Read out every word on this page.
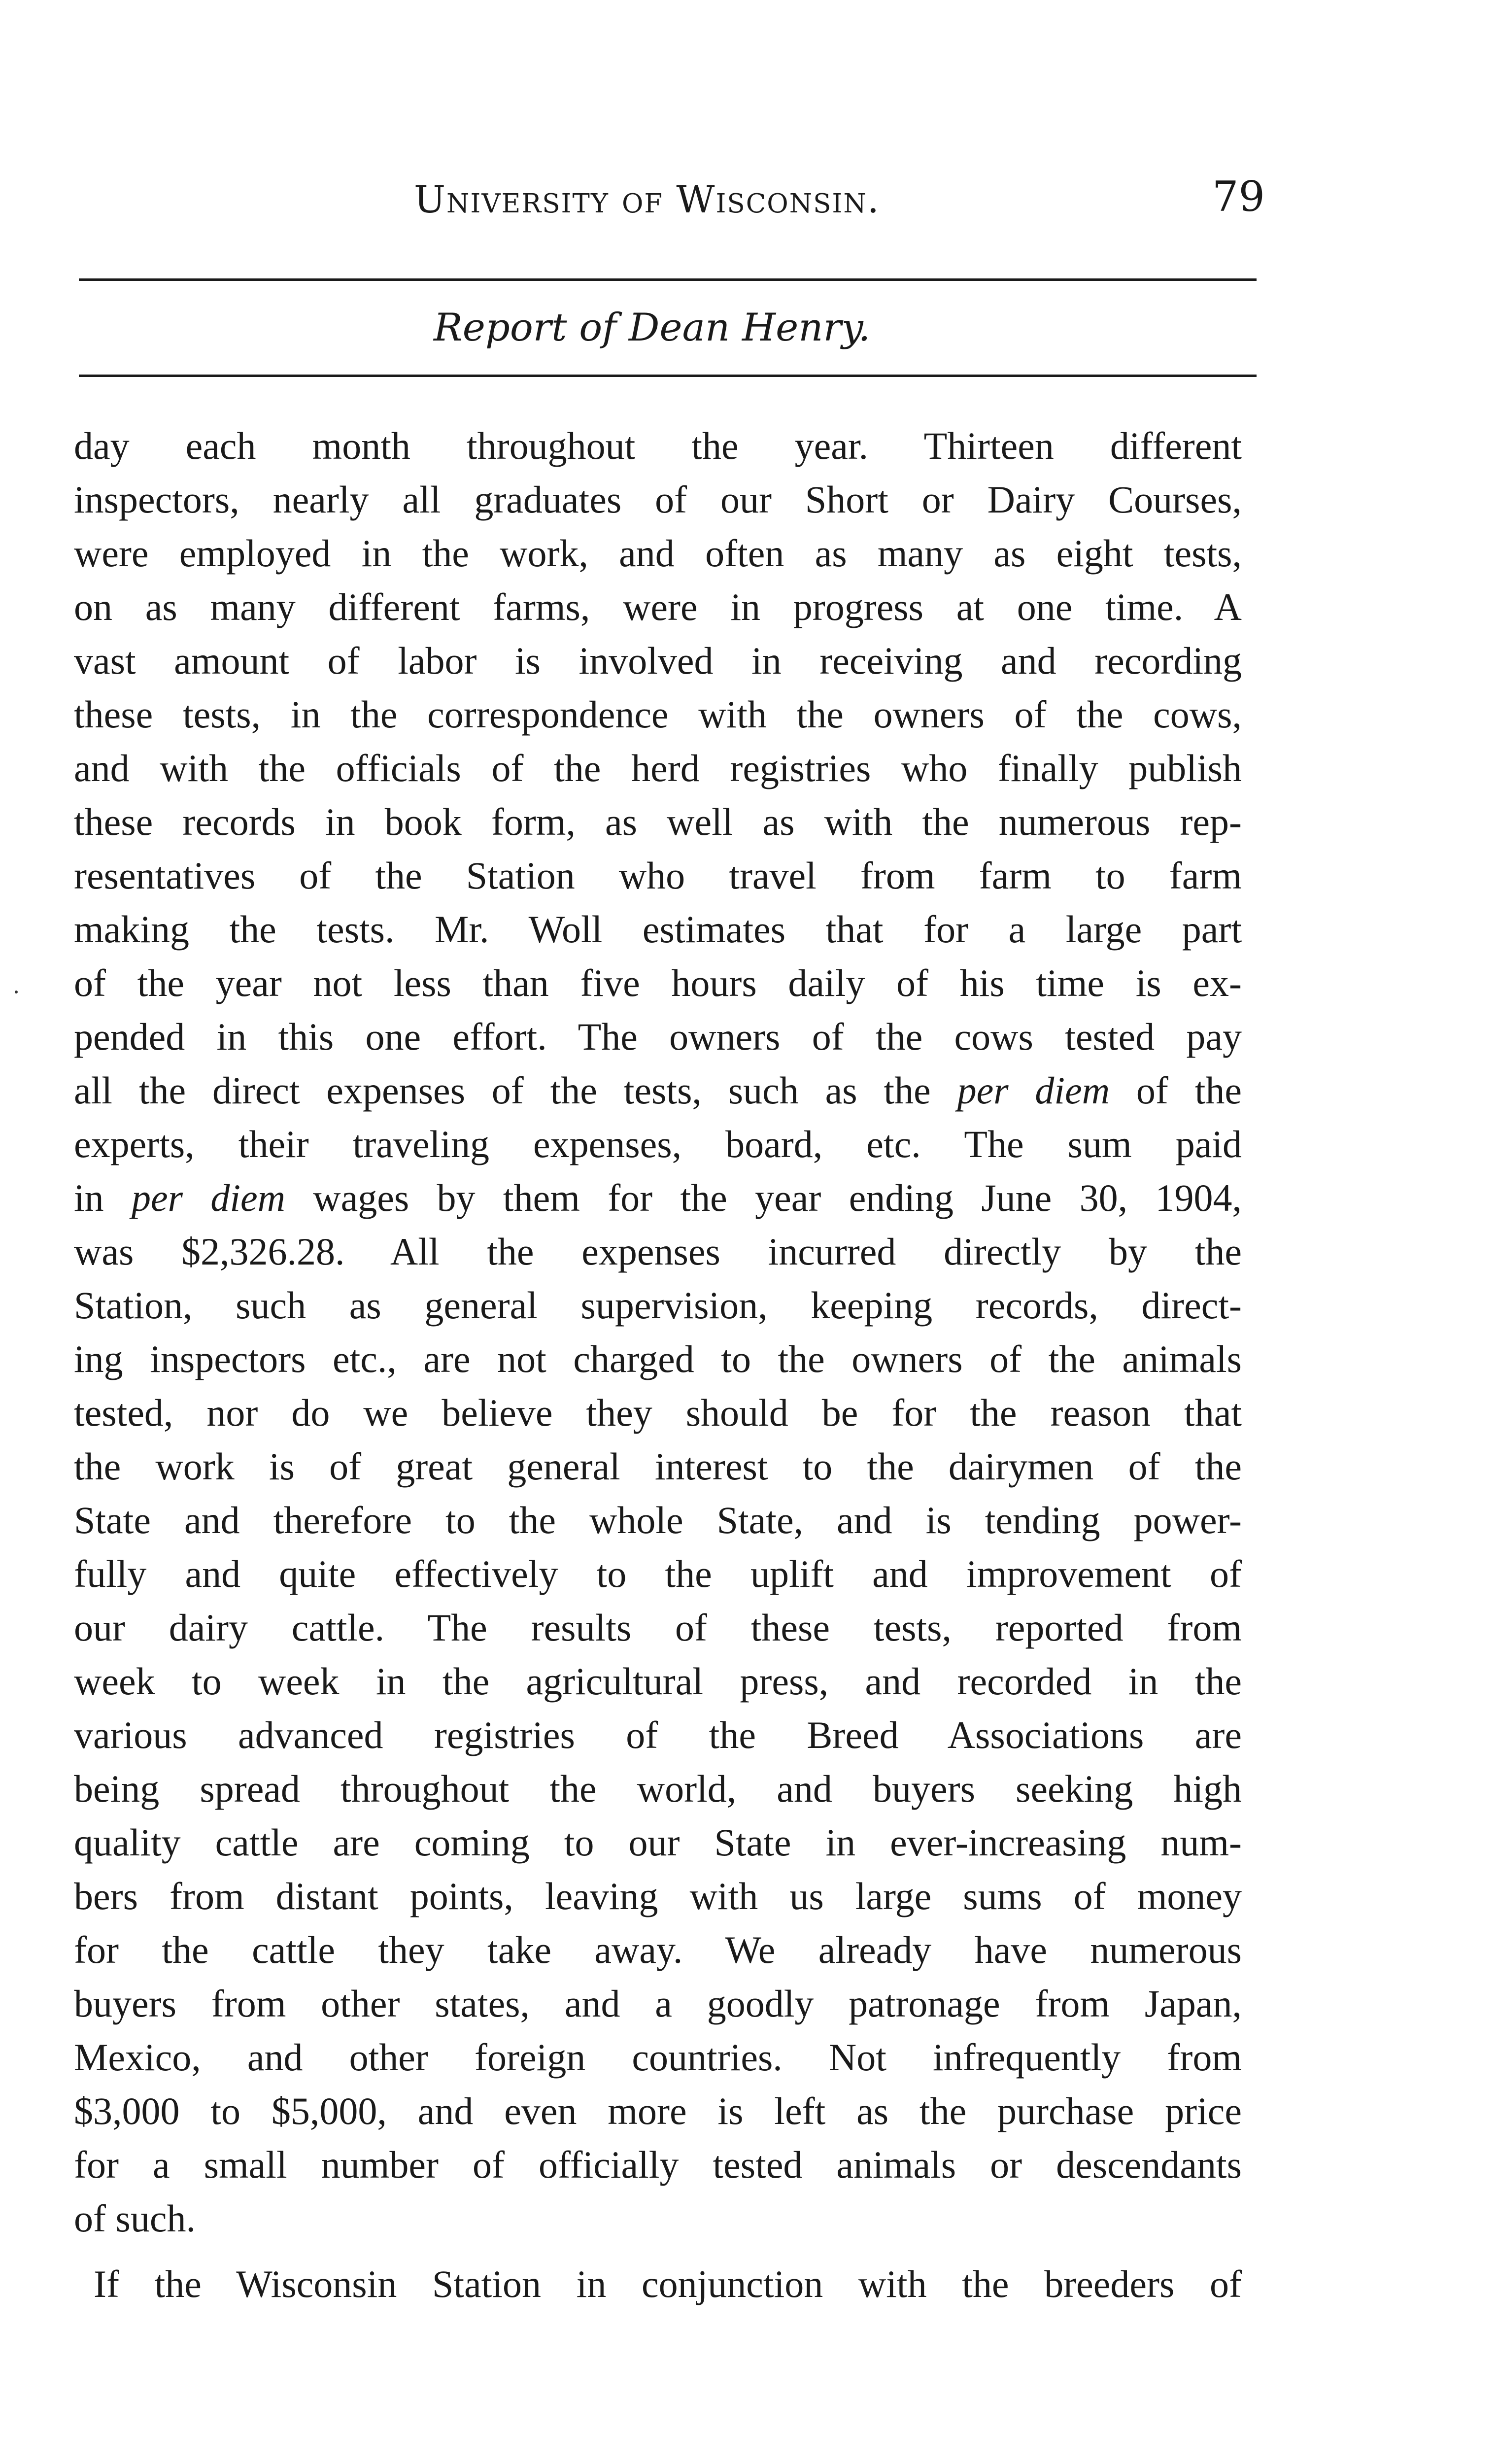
University of Wisconsin.	79
Report of Dean Henry.
day each month throughout the year. Thirteen different
inspectors, nearly all graduates of our Short or Dairy Courses,
were employed in the work, and often as many as eight tests,
on as many different farms, were in progress at one time. A
vast amount of labor is involved in receiving and recording
these tests, in the correspondence with the owners of the cows,
and with the officials of the herd registries who finally publish
these records in book form, as well as with the numerous rep-
resentatives of the Station who travel from farm to farm
making the tests. Mr. Woll estimates that for a large part
of the year not less than five hours daily of his time is ex-
pended in this one effort. The owners of the cows tested pay
all the direct expenses of the tests, such as the per diem of the
experts, their traveling expenses, board, etc. The sum paid
in per diem wages by them for the year ending June 30, 1904,
was $2,326.28. All the expenses incurred directly by the
Station, such as general supervision, keeping records, direct-
ing inspectors etc., are not charged to the owners of the animals
tested, nor do we believe they should be for the reason that
the work is of great general interest to the dairymen of the
State and therefore to the whole State, and is tending power-
fully and quite effectively to the uplift and improvement of
our dairy cattle. The results of these tests, reported from
week to week in the agricultural press, and recorded in the
various advanced registries of the Breed Associations are
being spread throughout the world, and buyers seeking high
quality cattle are coming to our State in ever-increasing num-
bers from distant points, leaving with us large sums of money
for the cattle they take away. We already have numerous
buyers from other states, and a goodly patronage from Japan,
Mexico, and other foreign countries. Not infrequently from
$3,000 to $5,000, and even more is left as the purchase price
for a small number of officially tested animals or descendants
of such.
If the Wisconsin Station in conjunction with the breeders of
